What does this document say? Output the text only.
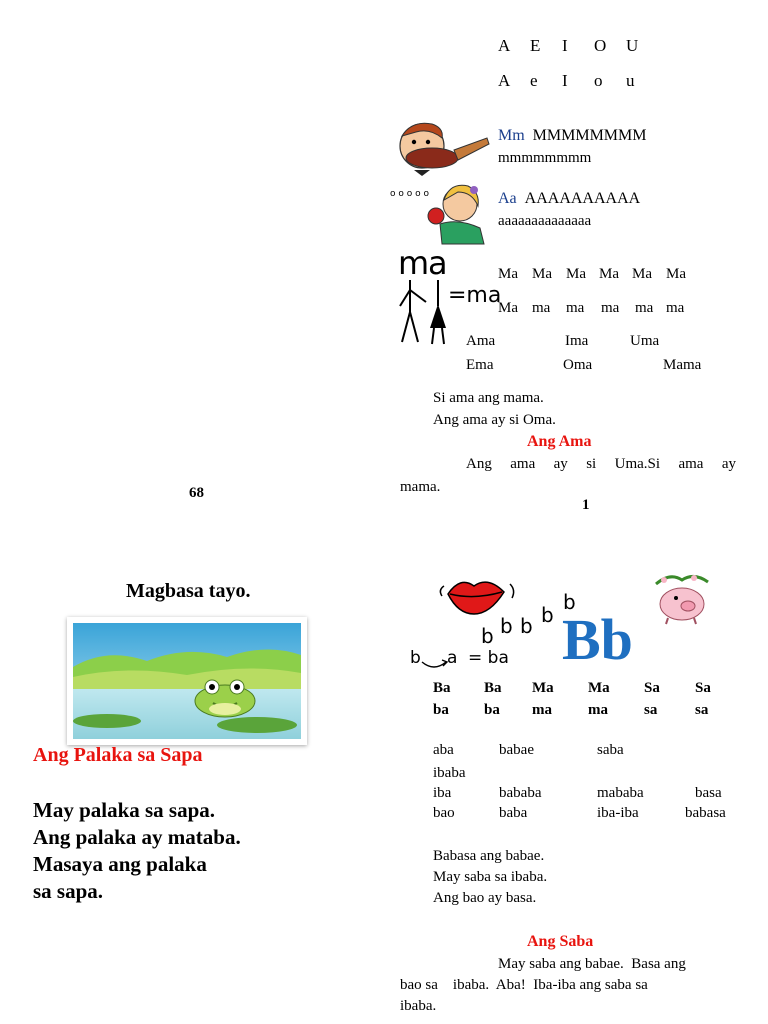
A E I O U
A e I o u
Mm MMMMMMMM
mmmmmmmm
o o o o o	Aa AAAAAAAAAA
aaaaaaaaaaaaaa
m
a
=ma
Ma Ma Ma Ma Ma Ma
Ma ma ma ma ma ma
Ama	Ima	Uma
Ema	Oma	Mama
Si ama ang mama.
Ang ama ay si Oma.
Ang Ama
Ang ama ay si Uma.Si ama ay
mama.
1
68
Magbasa tayo.
Ang Palaka sa Sapa
May palaka sa sapa.
Ang palaka ay mataba.
Masaya ang palaka
sa sapa.
b b b b
b
Bb
b a = ba
Ba Ba Ma Ma Sa Sa
ba ba ma ma sa	sa
aba	babae	saba
ibaba
iba	bababa	mababa	basa
bao	baba	iba-iba	babasa
Babasa ang babae.
May saba sa ibaba.
Ang bao ay basa.
Ang Saba
May saba ang babae.  Basa ang
bao sa    ibaba.  Aba!  Iba-iba ang saba sa
ibaba.
